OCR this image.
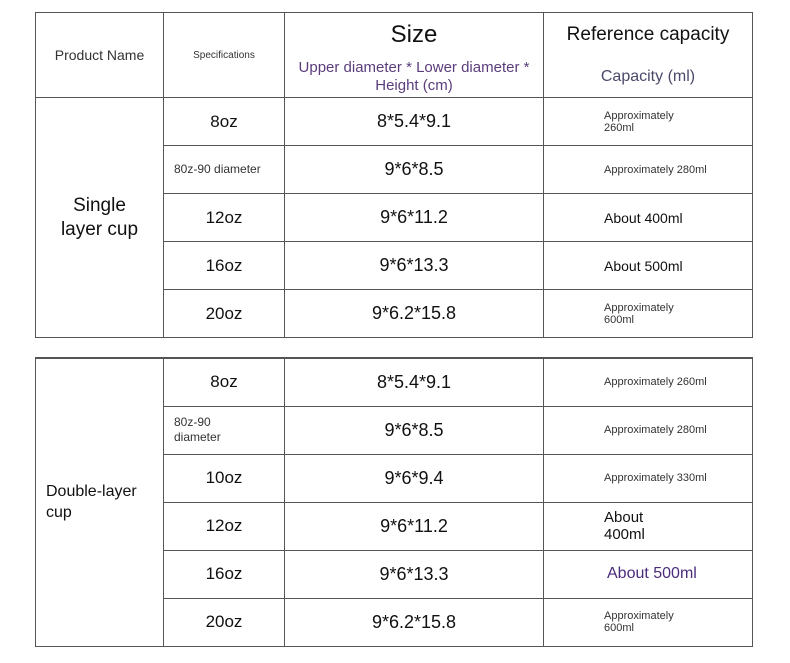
Product Name	Specifications	Size	Reference capacity
		Upper diameter * Lower diameter * Height (cm)	Capacity (ml)
Single layer cup	8oz	8*5.4*9.1	Approximately 260ml
	80z-90 diameter	9*6*8.5	Approximately 280ml
	12oz	9*6*11.2	About 400ml
	16oz	9*6*13.3	About 500ml
	20oz	9*6.2*15.8	Approximately 600ml
Double-layer cup	8oz	8*5.4*9.1	Approximately 260ml
	80z-90 diameter	9*6*8.5	Approximately 280ml
	10oz	9*6*9.4	Approximately 330ml
	12oz	9*6*11.2	About 400ml
	16oz	9*6*13.3	About 500ml
	20oz	9*6.2*15.8	Approximately 600ml
